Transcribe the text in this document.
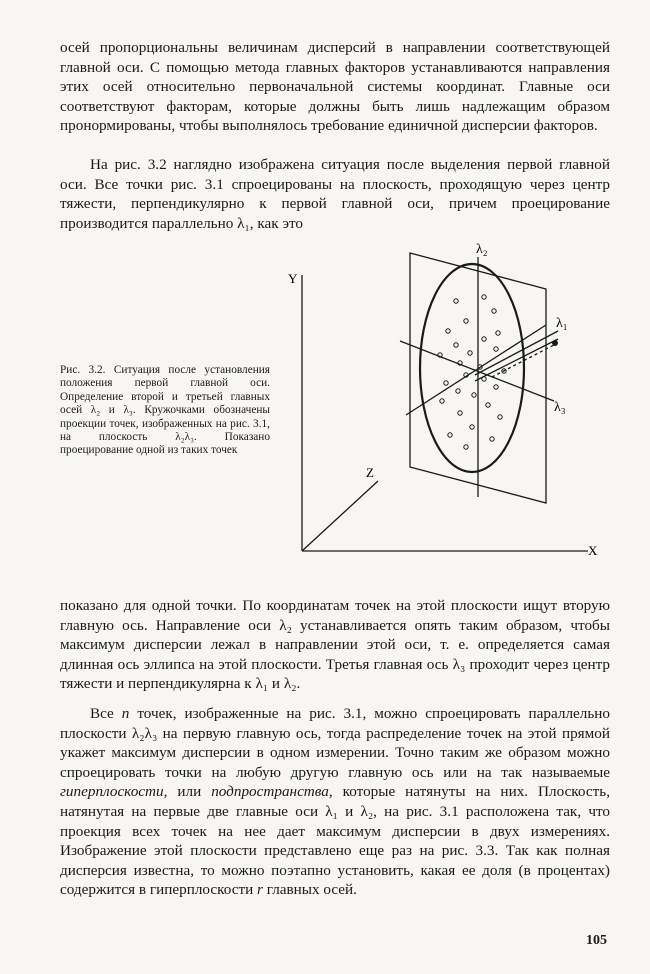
осей пропорциональны величинам дисперсий в направлении соответствующей главной оси. С помощью метода главных факторов устанавливаются направления этих осей относительно первоначальной системы координат. Главные оси соответствуют факторам, которые должны быть лишь надлежащим образом пронормированы, чтобы выполнялось требование единичной дисперсии факторов.

На рис. 3.2 наглядно изображена ситуация после выделения первой главной оси. Все точки рис. 3.1 спроецированы на плоскость, проходящую через центр тяжести, перпендикулярно к первой главной оси, причем проецирование производится параллельно λ₁, как это

Рис. 3.2. Ситуация после установления положения первой главной оси. Определение второй и третьей главных осей λ₂ и λ₃. Кружочками обозначены проекции точек, изображенных на рис. 3.1, на плоскость λ₂λ₃. Показано проецирование одной из таких точек

Y
Z
X
λ₂
λ₁
λ₃

показано для одной точки. По координатам точек на этой плоскости ищут вторую главную ось. Направление оси λ₂ устанавливается опять таким образом, чтобы максимум дисперсии лежал в направлении этой оси, т. е. определяется самая длинная ось эллипса на этой плоскости. Третья главная ось λ₃ проходит через центр тяжести и перпендикулярна к λ₁ и λ₂.

Все n точек, изображенные на рис. 3.1, можно спроецировать параллельно плоскости λ₂λ₃ на первую главную ось, тогда распределение точек на этой прямой укажет максимум дисперсии в одном измерении. Точно таким же образом можно спроецировать точки на любую другую главную ось или на так называемые гиперплоскости, или подпространства, которые натянуты на них. Плоскость, натянутая на первые две главные оси λ₁ и λ₂, на рис. 3.1 расположена так, что проекция всех точек на нее дает максимум дисперсии в двух измерениях. Изображение этой плоскости представлено еще раз на рис. 3.3. Так как полная дисперсия известна, то можно поэтапно установить, какая ее доля (в процентах) содержится в гиперплоскости r главных осей.

105
